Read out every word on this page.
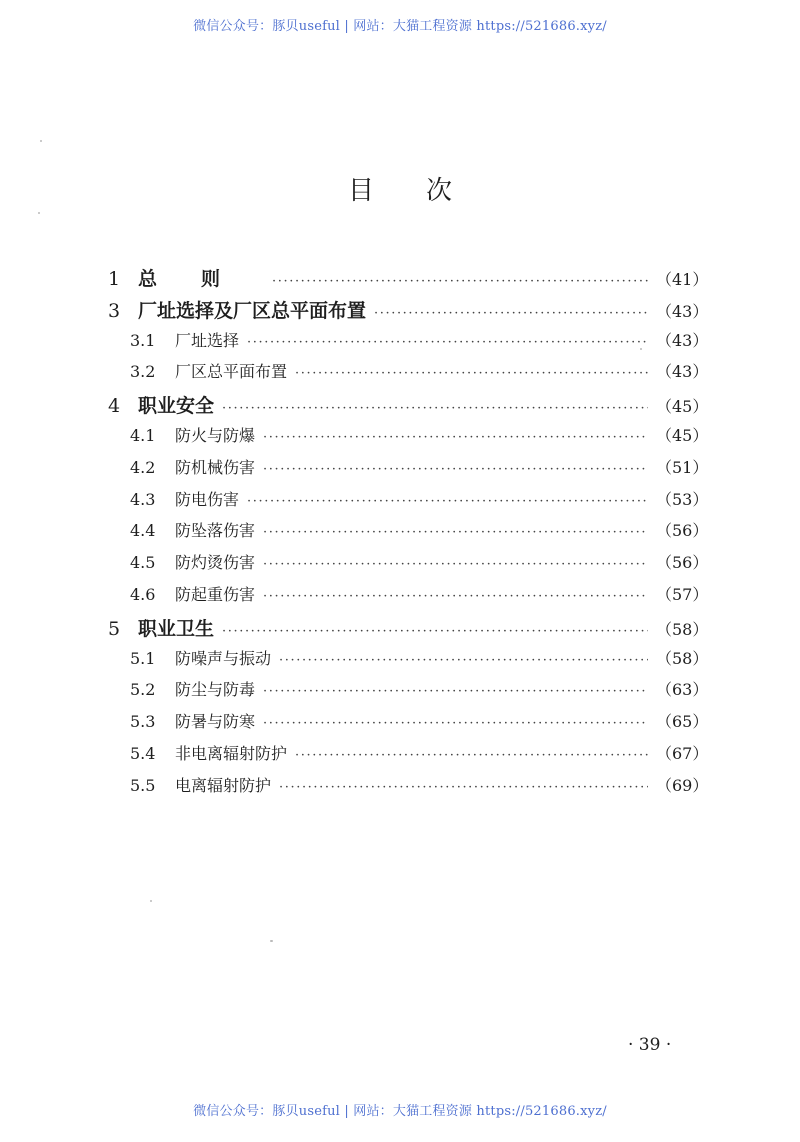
微信公众号：豚贝useful | 网站：大猫工程资源 https://521686.xyz/
目次
1 总则 ·····	（41）
3 厂址选择及厂区总平面布置 ·····	（43）
3.1	厂址选择 ·····	（43）
3.2	厂区总平面布置 ·····	（43）
4 职业安全 ·····	（45）
4.1	防火与防爆 ·····	（45）
4.2	防机械伤害 ·····	（51）
4.3	防电伤害 ·····	（53）
4.4	防坠落伤害 ·····	（56）
4.5	防灼烫伤害 ·····	（56）
4.6	防起重伤害 ·····	（57）
5 职业卫生 ·····	（58）
5.1	防噪声与振动 ·····	（58）
5.2	防尘与防毒 ·····	（63）
5.3	防暑与防寒 ·····	（65）
5.4	非电离辐射防护 ·····	（67）
5.5	电离辐射防护 ·····	（69）
· 39 ·
微信公众号：豚贝useful | 网站：大猫工程资源 https://521686.xyz/
